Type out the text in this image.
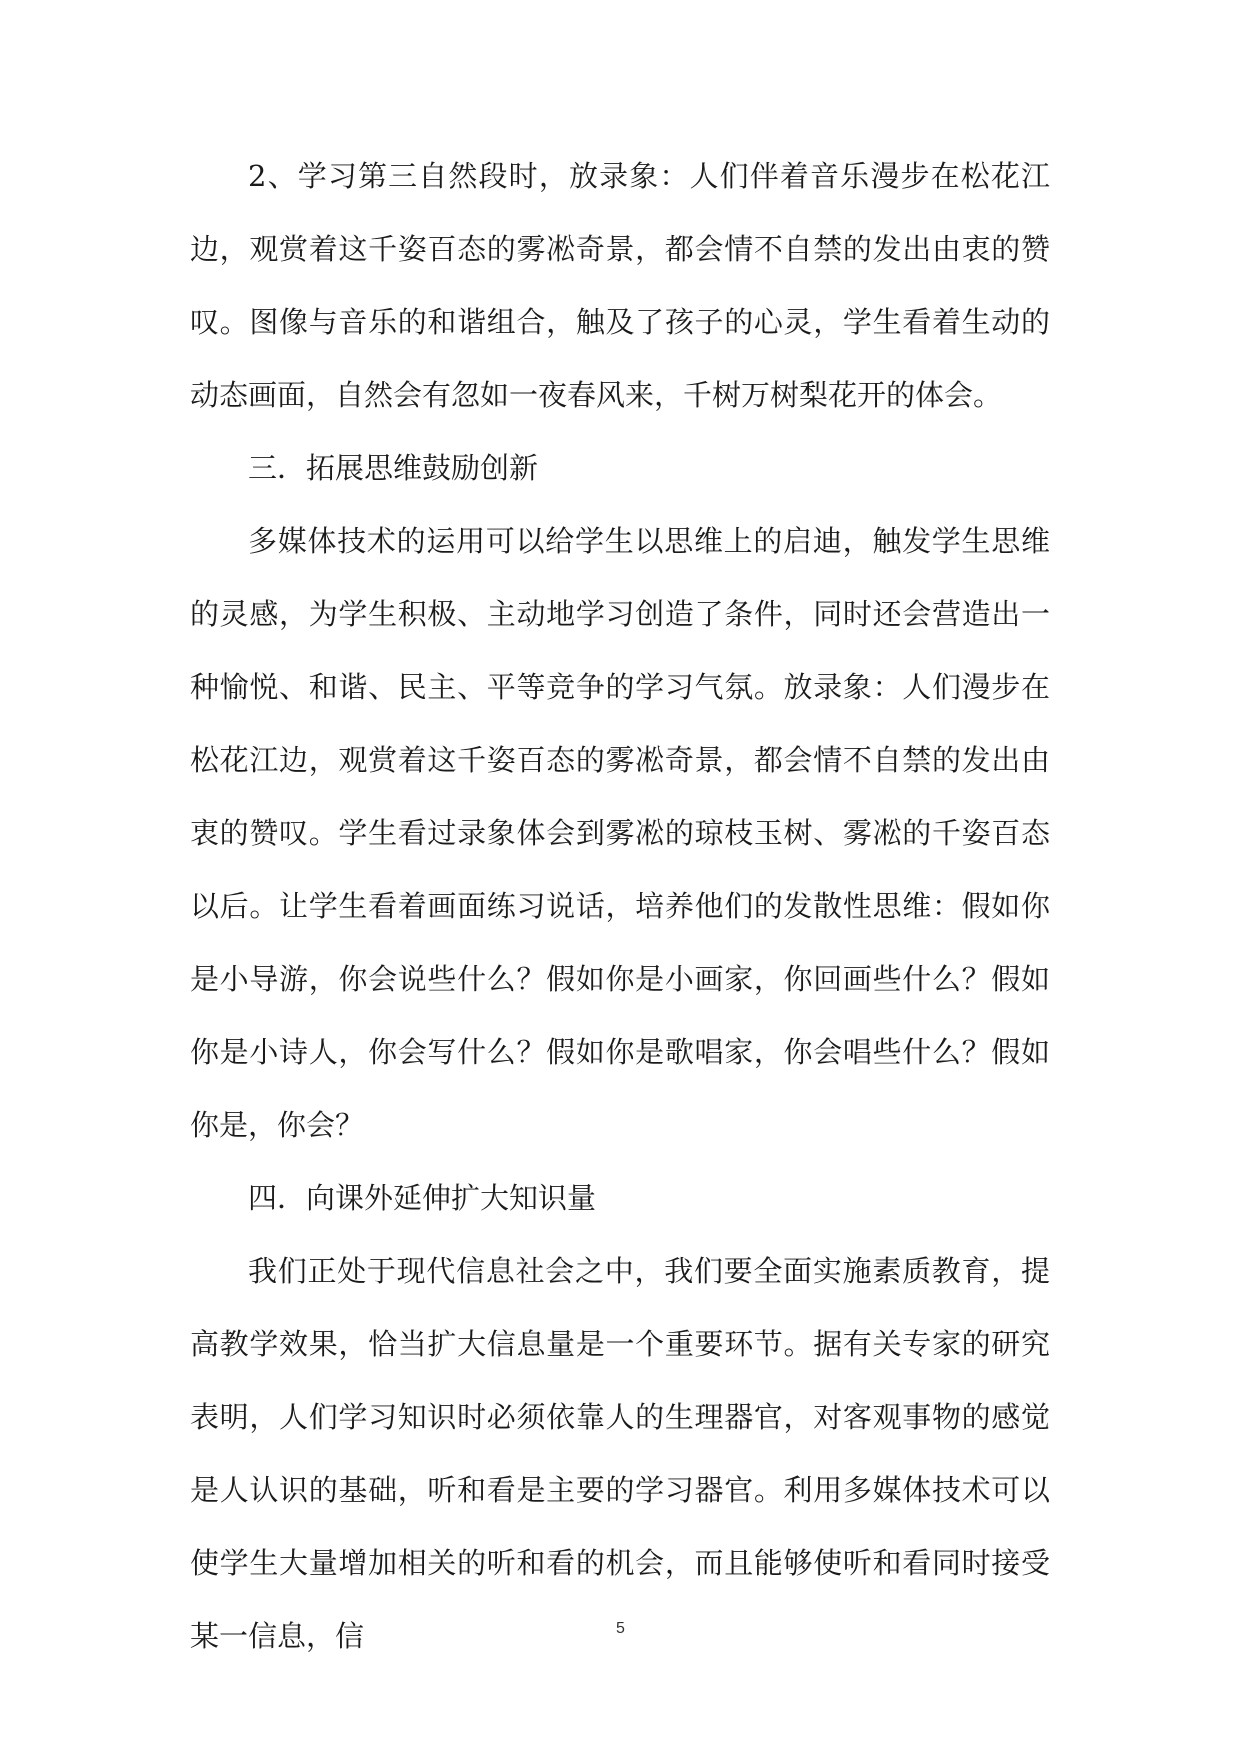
2、学习第三自然段时，放录象：人们伴着音乐漫步在松花江边，观赏着这千姿百态的雾凇奇景，都会情不自禁的发出由衷的赞叹。图像与音乐的和谐组合，触及了孩子的心灵，学生看着生动的动态画面，自然会有忽如一夜春风来，千树万树梨花开的体会。

三．拓展思维鼓励创新

多媒体技术的运用可以给学生以思维上的启迪，触发学生思维的灵感，为学生积极、主动地学习创造了条件，同时还会营造出一种愉悦、和谐、民主、平等竞争的学习气氛。放录象：人们漫步在松花江边，观赏着这千姿百态的雾凇奇景，都会情不自禁的发出由衷的赞叹。学生看过录象体会到雾凇的琼枝玉树、雾凇的千姿百态以后。让学生看着画面练习说话，培养他们的发散性思维：假如你是小导游，你会说些什么？假如你是小画家，你回画些什么？假如你是小诗人，你会写什么？假如你是歌唱家，你会唱些什么？假如你是，你会？

四．向课外延伸扩大知识量

我们正处于现代信息社会之中，我们要全面实施素质教育，提高教学效果，恰当扩大信息量是一个重要环节。据有关专家的研究表明，人们学习知识时必须依靠人的生理器官，对客观事物的感觉是人认识的基础，听和看是主要的学习器官。利用多媒体技术可以使学生大量增加相关的听和看的机会，而且能够使听和看同时接受某一信息，信	5
